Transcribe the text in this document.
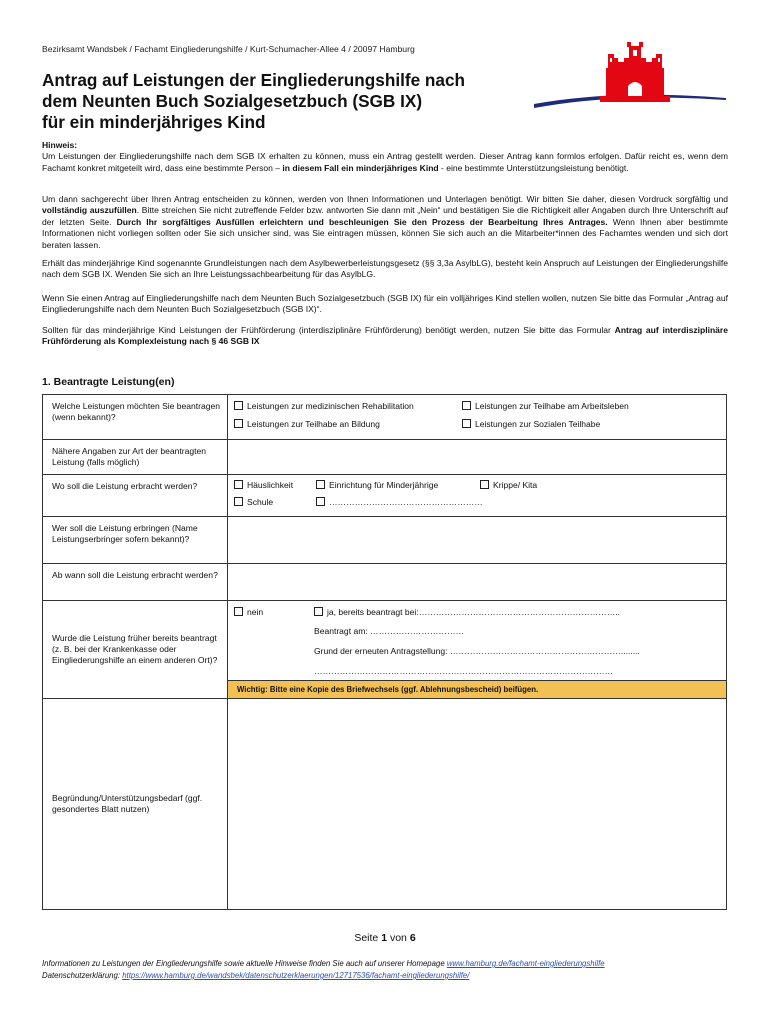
Bezirksamt Wandsbek / Fachamt Eingliederungshilfe / Kurt-Schumacher-Allee 4 / 20097 Hamburg
Antrag auf Leistungen der Eingliederungshilfe nach
dem Neunten Buch Sozialgesetzbuch (SGB IX)
für ein minderjähriges Kind
Hinweis:
Um Leistungen der Eingliederungshilfe nach dem SGB IX erhalten zu können, muss ein Antrag gestellt werden. Dieser Antrag kann formlos erfolgen. Dafür reicht es, wenn dem Fachamt konkret mitgeteilt wird, dass eine bestimmte Person – in diesem Fall ein minderjähriges Kind - eine bestimmte Unterstützungsleistung benötigt.
Um dann sachgerecht über Ihren Antrag entscheiden zu können, werden von Ihnen Informationen und Unterlagen benötigt. Wir bitten Sie daher, diesen Vordruck sorgfältig und vollständig auszufüllen. Bitte streichen Sie nicht zutreffende Felder bzw. antworten Sie dann mit „Nein“ und bestätigen Sie die Richtigkeit aller Angaben durch Ihre Unterschrift auf der letzten Seite. Durch Ihr sorgfältiges Ausfüllen erleichtern und beschleunigen Sie den Prozess der Bearbeitung Ihres Antrages. Wenn Ihnen aber bestimmte Informationen nicht vorliegen sollten oder Sie sich unsicher sind, was Sie eintragen müssen, können Sie sich auch an die Mitarbeiter*innen des Fachamtes wenden und sich dort beraten lassen.
Erhält das minderjährige Kind sogenannte Grundleistungen nach dem Asylbewerberleistungsgesetz (§§ 3,3a AsylbLG), besteht kein Anspruch auf Leistungen der Eingliederungshilfe nach dem SGB IX. Wenden Sie sich an Ihre Leistungssachbearbeitung für das AsylbLG.
Wenn Sie einen Antrag auf Eingliederungshilfe nach dem Neunten Buch Sozialgesetzbuch (SGB IX) für ein volljähriges Kind stellen wollen, nutzen Sie bitte das Formular „Antrag auf Eingliederungshilfe nach dem Neunten Buch Sozialgesetzbuch (SGB IX)“.
Sollten für das minderjährige Kind Leistungen der Frühförderung (interdisziplinäre Frühförderung) benötigt werden, nutzen Sie bitte das Formular Antrag auf interdisziplinäre Frühförderung als Komplexleistung nach § 46 SGB IX
1. Beantragte Leistung(en)
Welche Leistungen möchten Sie beantragen (wenn bekannt)?	Leistungen zur medizinischen Rehabilitation Leistungen zur Teilhabe am Arbeitsleben
Leistungen zur Teilhabe an Bildung Leistungen zur Sozialen Teilhabe

Nähere Angaben zur Art der beantragten Leistung (falls möglich)	
Wo soll die Leistung erbracht werden?	Häuslichkeit Einrichtung für Minderjährige Krippe/ Kita
Schule ………………………………………………

Wer soll die Leistung erbringen (Name Leistungserbringer sofern bekannt)?	
Ab wann soll die Leistung erbracht werden?	
Wurde die Leistung früher bereits beantragt (z. B. bei der Krankenkasse oder Eingliederungshilfe an einem anderen Ort)?	nein ja, bereits beantragt bei:……………………………………………………………..
Beantragt am: ……………………………
Grund der erneuten Antragstellung: ……………………………………………………........
……………………………………………………………………………………………

	Wichtig: Bitte eine Kopie des Briefwechsels (ggf. Ablehnungsbescheid) beifügen.
Begründung/Unterstützungsbedarf (ggf. gesondertes Blatt nutzen)	
Seite 1 von 6
Informationen zu Leistungen der Eingliederungshilfe sowie aktuelle Hinweise finden Sie auch auf unserer Homepage www.hamburg.de/fachamt-eingliederungshilfe
Datenschutzerklärung: https://www.hamburg.de/wandsbek/datenschutzerklaerungen/12717536/fachamt-eingliederungshilfe/
